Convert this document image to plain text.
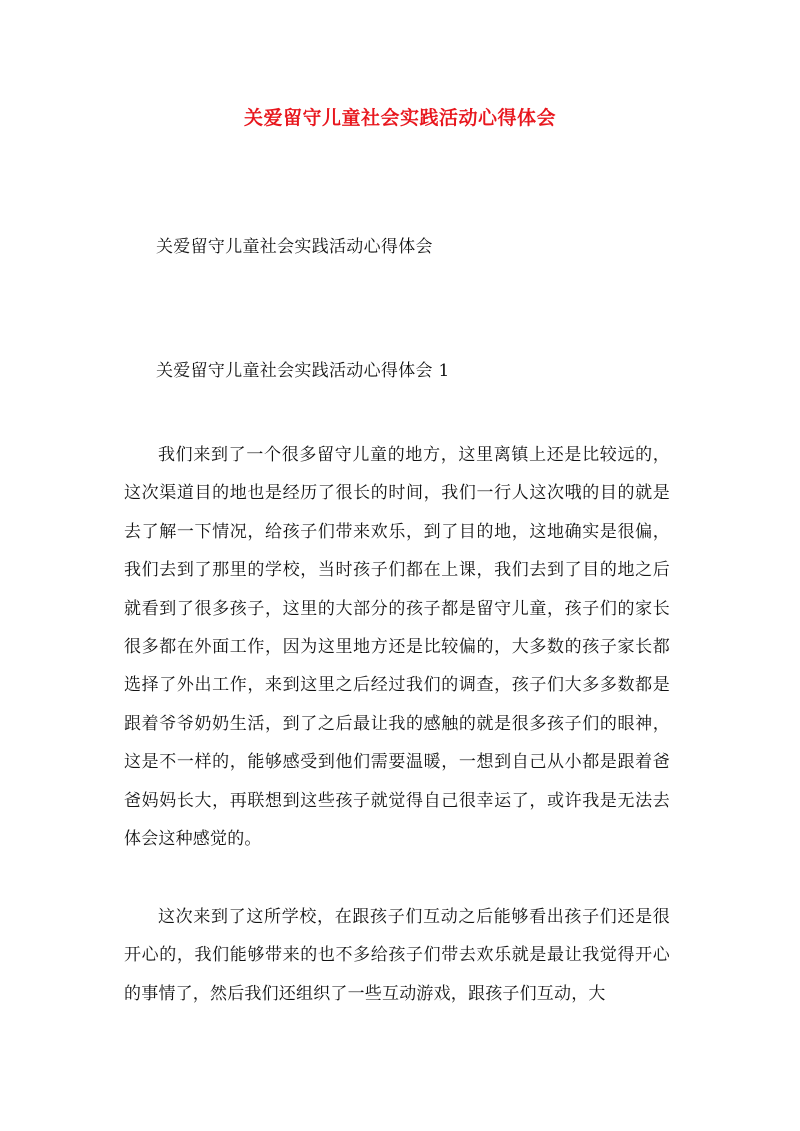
关爱留守儿童社会实践活动心得体会
关爱留守儿童社会实践活动心得体会
关爱留守儿童社会实践活动心得体会 1

我们来到了一个很多留守儿童的地方，这里离镇上还是比较远的，这次渠道目的地也是经历了很长的时间，我们一行人这次哦的目的就是去了解一下情况，给孩子们带来欢乐，到了目的地，这地确实是很偏，我们去到了那里的学校，当时孩子们都在上课，我们去到了目的地之后就看到了很多孩子，这里的大部分的孩子都是留守儿童，孩子们的家长很多都在外面工作，因为这里地方还是比较偏的，大多数的孩子家长都选择了外出工作，来到这里之后经过我们的调查，孩子们大多多数都是跟着爷爷奶奶生活，到了之后最让我的感触的就是很多孩子们的眼神，这是不一样的，能够感受到他们需要温暖，一想到自己从小都是跟着爸爸妈妈长大，再联想到这些孩子就觉得自己很幸运了，或许我是无法去体会这种感觉的。

这次来到了这所学校，在跟孩子们互动之后能够看出孩子们还是很开心的，我们能够带来的也不多给孩子们带去欢乐就是最让我觉得开心的事情了，然后我们还组织了一些互动游戏，跟孩子们互动，大
